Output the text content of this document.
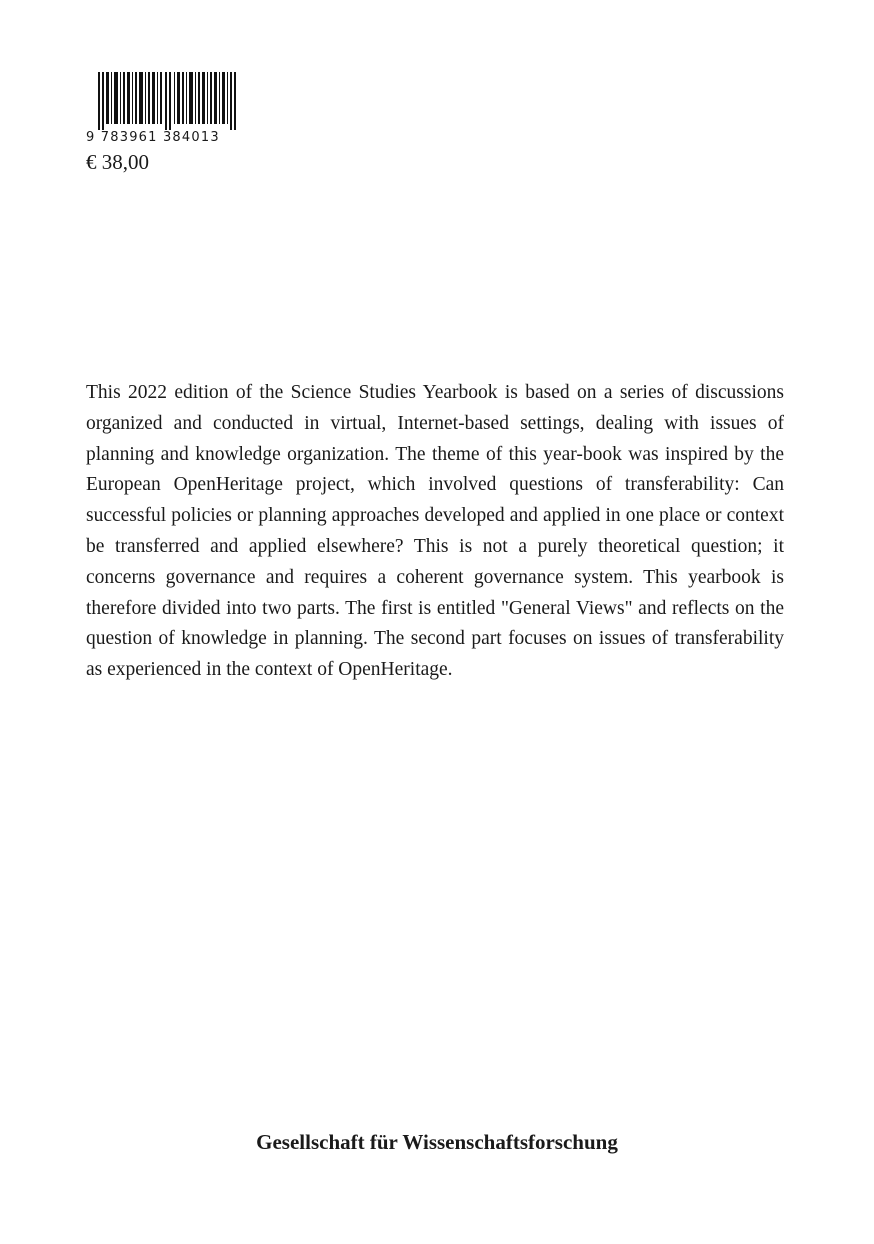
9 783961 384013
€ 38,00

This 2022 edition of the Science Studies Yearbook is based on a series of discussions organized and conducted in virtual, Internet-based settings, dealing with issues of planning and knowledge organization. The theme of this year-book was inspired by the European OpenHeritage project, which involved questions of transferability: Can successful policies or planning approaches developed and applied in one place or context be transferred and applied elsewhere? This is not a purely theoretical question; it concerns governance and requires a coherent governance system. This yearbook is therefore divided into two parts. The first is entitled "General Views" and reflects on the question of knowledge in planning. The second part focuses on issues of transferability as experienced in the context of OpenHeritage.

Gesellschaft für Wissenschaftsforschung
